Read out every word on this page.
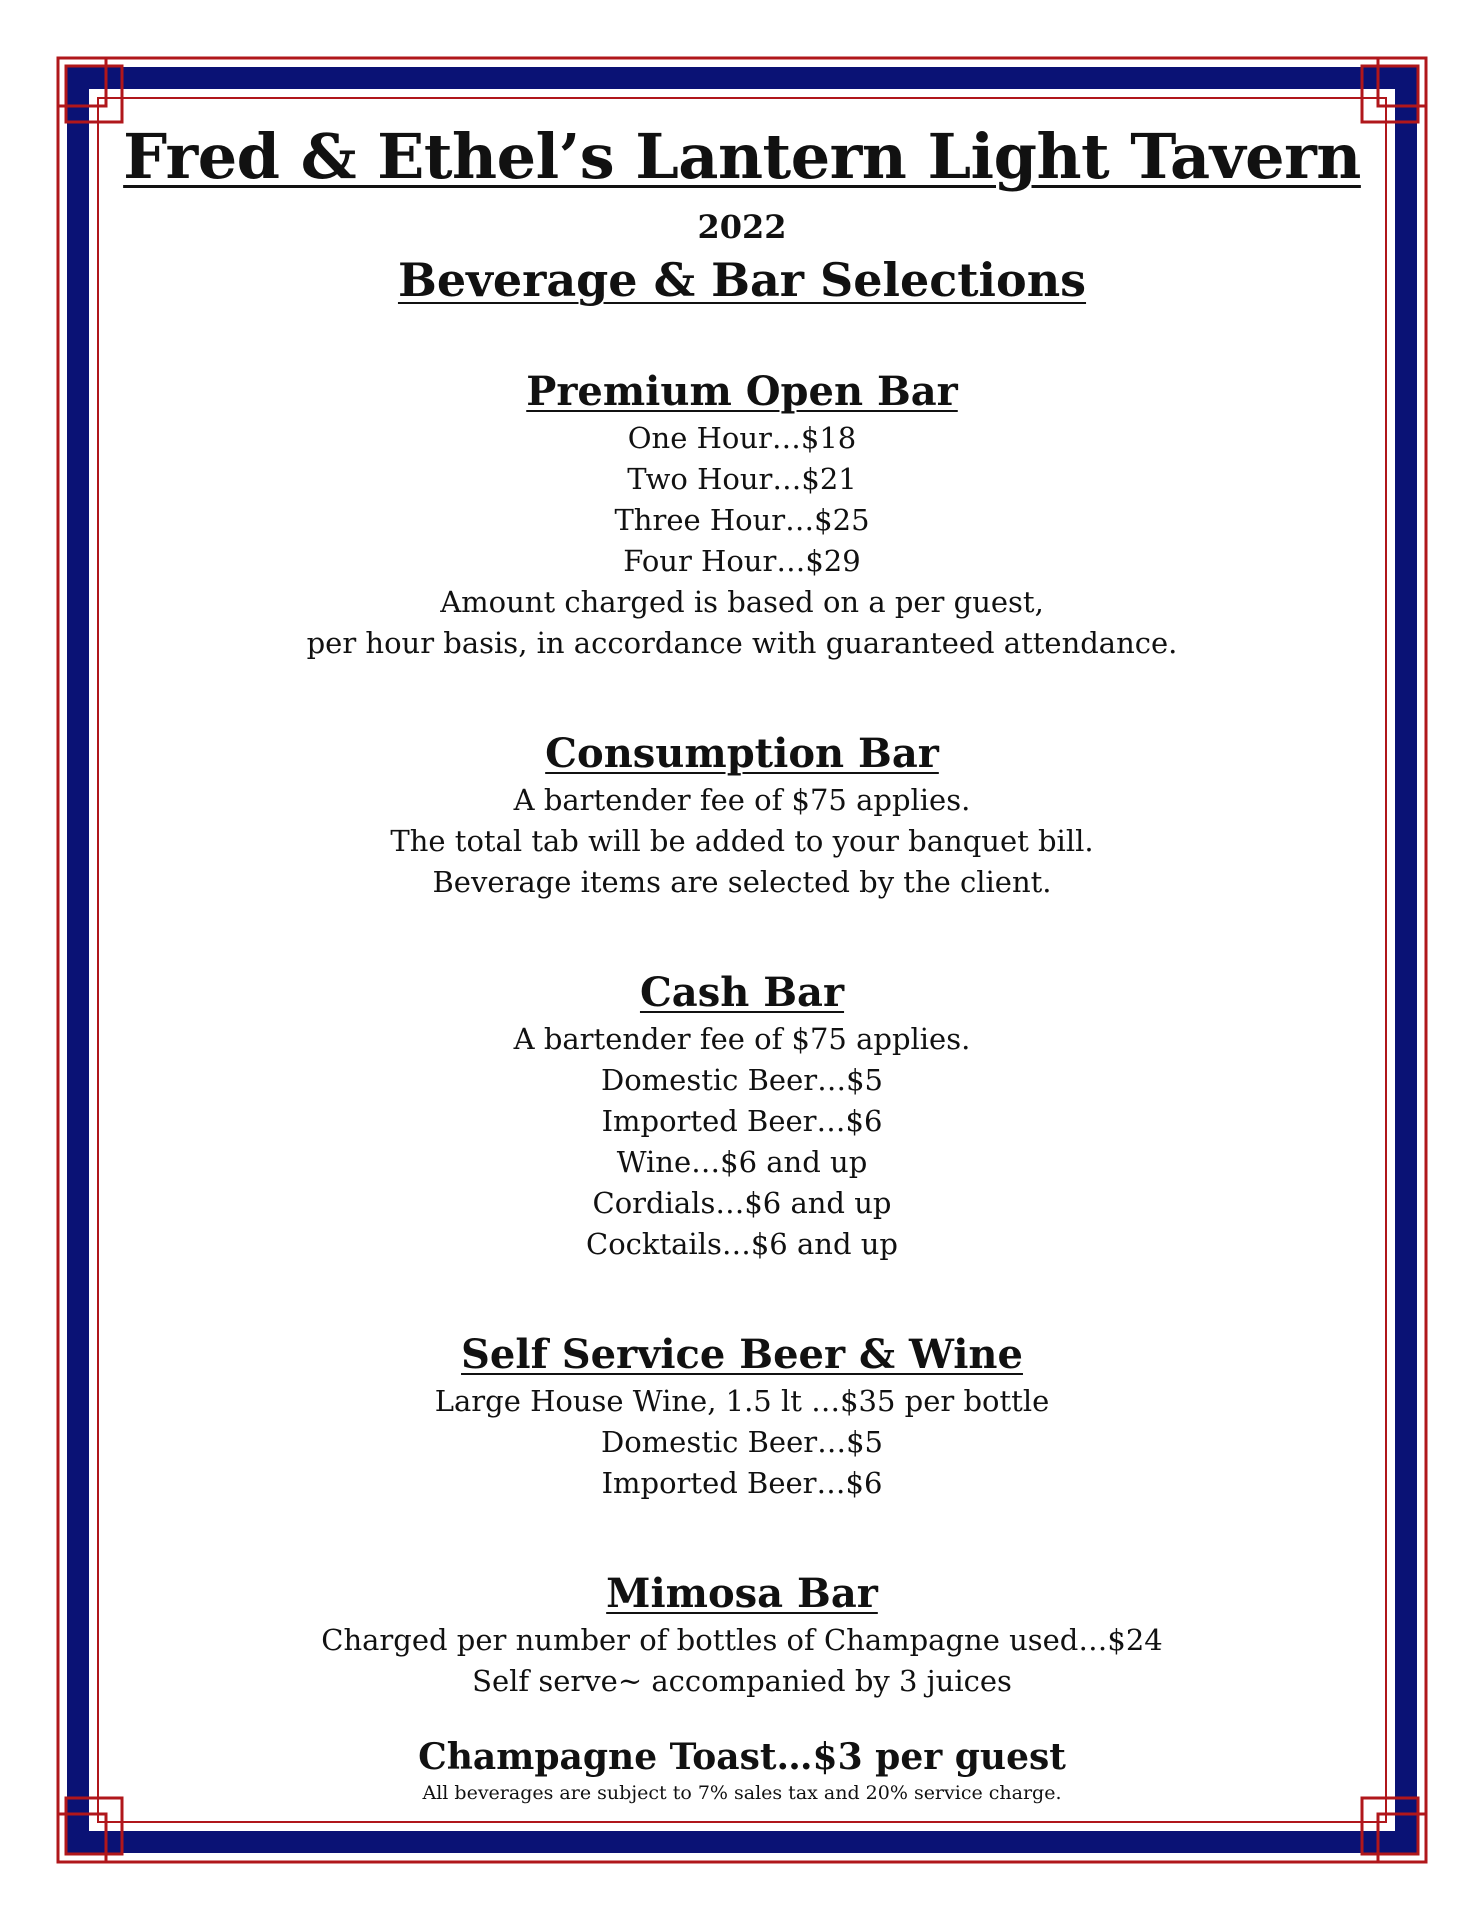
Fred & Ethel’s Lantern Light Tavern
2022
Beverage & Bar Selections
Premium Open Bar
One Hour…$18
Two Hour…$21
Three Hour…$25
Four Hour…$29
Amount charged is based on a per guest,
per hour basis, in accordance with guaranteed attendance.
Consumption Bar
A bartender fee of $75 applies.
The total tab will be added to your banquet bill.
Beverage items are selected by the client.
Cash Bar
A bartender fee of $75 applies.
Domestic Beer…$5
Imported Beer…$6
Wine…$6 and up
Cordials…$6 and up
Cocktails…$6 and up
Self Service Beer & Wine
Large House Wine, 1.5 lt …$35 per bottle
Domestic Beer…$5
Imported Beer…$6
Mimosa Bar
Charged per number of bottles of Champagne used…$24
Self serve~ accompanied by 3 juices
Champagne Toast…$3 per guest
All beverages are subject to 7% sales tax and 20% service charge.
